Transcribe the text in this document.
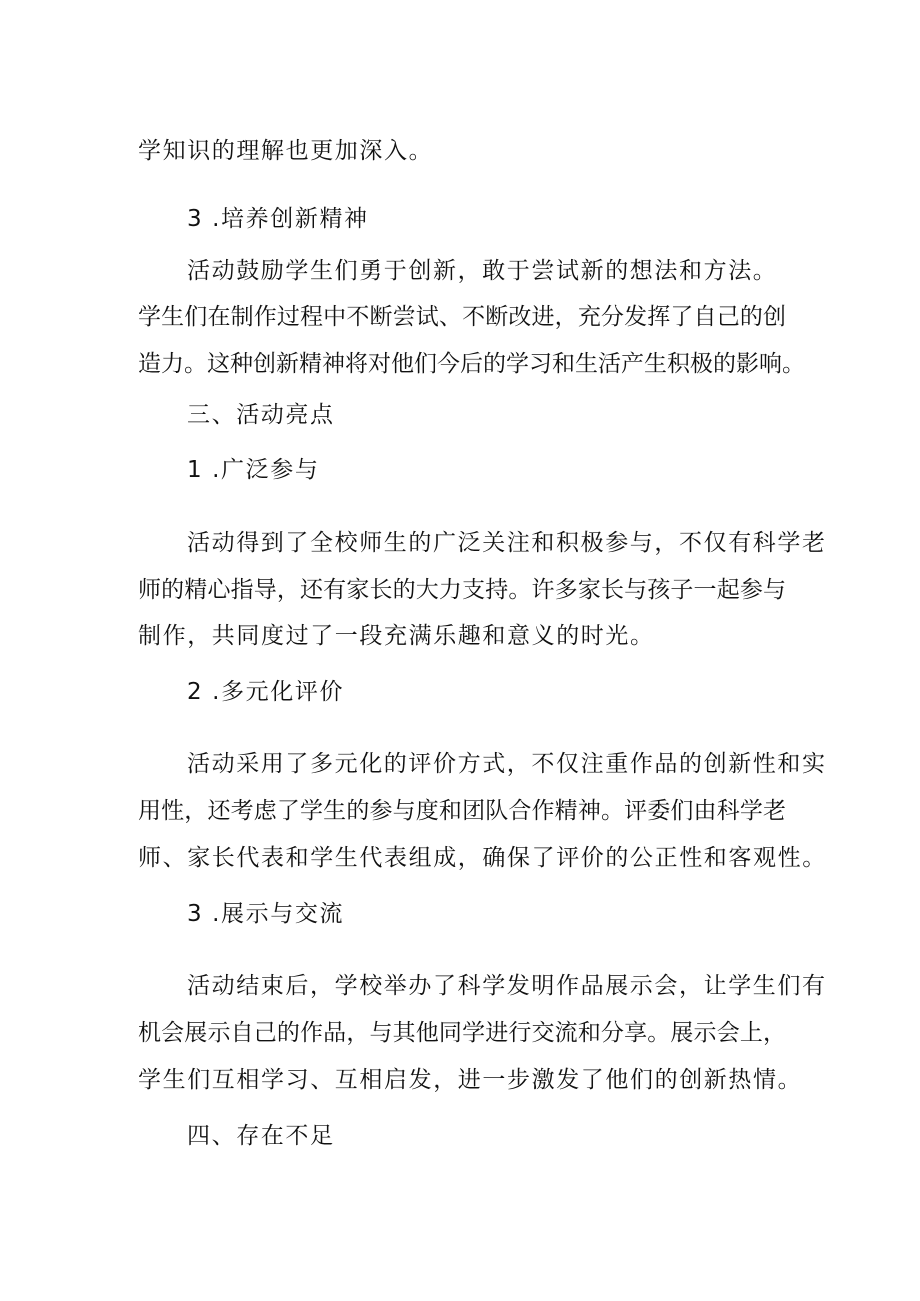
学知识的理解也更加深入。
3 .培养创新精神
活动鼓励学生们勇于创新，敢于尝试新的想法和方法。
学生们在制作过程中不断尝试、不断改进，充分发挥了自己的创
造力。这种创新精神将对他们今后的学习和生活产生积极的影响。
三、活动亮点
1 .广泛参与
活动得到了全校师生的广泛关注和积极参与，不仅有科学老
师的精心指导，还有家长的大力支持。许多家长与孩子一起参与
制作，共同度过了一段充满乐趣和意义的时光。
2 .多元化评价
活动采用了多元化的评价方式，不仅注重作品的创新性和实
用性，还考虑了学生的参与度和团队合作精神。评委们由科学老
师、家长代表和学生代表组成，确保了评价的公正性和客观性。
3 .展示与交流
活动结束后，学校举办了科学发明作品展示会，让学生们有
机会展示自己的作品，与其他同学进行交流和分享。展示会上，
学生们互相学习、互相启发，进一步激发了他们的创新热情。
四、存在不足
